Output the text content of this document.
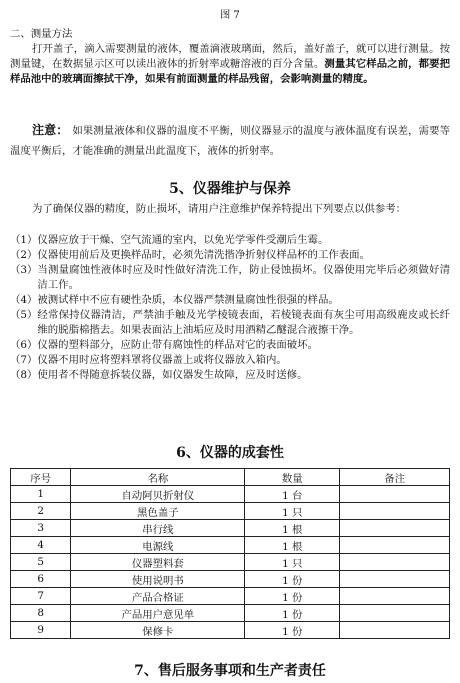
图 7
二、测量方法
打开盖子，滴入需要测量的液体，覆盖滴液玻璃面，然后，盖好盖子，就可以进行测量。按测量键，在数据显示区可以读出液体的折射率或糖溶液的百分含量。测量其它样品之前，都要把样品池中的玻璃面擦拭干净，如果有前面测量的样品残留，会影响测量的精度。
注意： 如果测量液体和仪器的温度不平衡，则仪器显示的温度与液体温度有误差，需要等温度平衡后，才能准确的测量出此温度下，液体的折射率。
5、仪器维护与保养
为了确保仪器的精度，防止损坏，请用户注意维护保养特提出下列要点以供参考：
（1） 仪器应放于干燥、空气流通的室内，以免光学零件受潮后生霉。
（2） 仪器使用前后及更换样品时，必须先清洗揩净折射仪样品杯的工作表面。
（3） 当测量腐蚀性液体时应及时性做好清洗工作，防止侵蚀损坏。仪器使用完毕后必须做好清洁工作。
（4） 被测试样中不应有硬性杂质，本仪器严禁测量腐蚀性很强的样品。
（5） 经常保持仪器清洁，严禁油手触及光学棱镜表面，若棱镜表面有灰尘可用高级鹿皮或长纤维的脱脂棉揩去。如果表面沾上油垢应及时用酒精乙醚混合液擦干净。
（6） 仪器的塑料部分，应防止带有腐蚀性的样品对它的表面破坏。
（7） 仪器不用时应将塑料罩将仪器盖上或将仪器放入箱内。
（8） 使用者不得随意拆装仪器，如仪器发生故障，应及时送修。
6、仪器的成套性
序号	名称	数量	备注
1	自动阿贝折射仪	1 台	
2	黑色盖子	1 只	
3	串行线	1 根	
4	电源线	1 根	
5	仪器塑料套	1 只	
6	使用说明书	1 份	
7	产品合格证	1 份	
8	产品用户意见单	1 份	
9	保修卡	1 份	
7、售后服务事项和生产者责任
